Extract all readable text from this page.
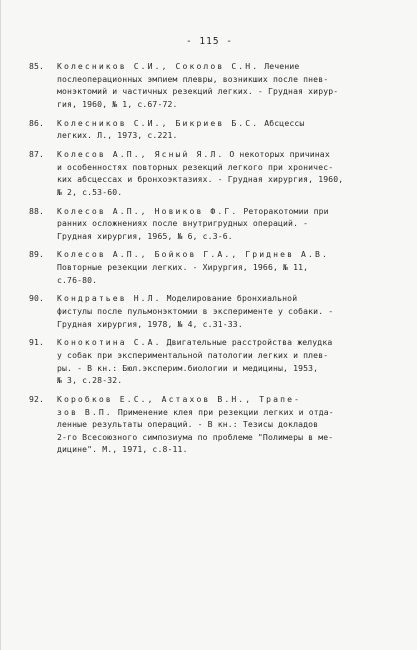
- 115 -
85. Колесников С.И., Соколов С.Н. Лечение
послеоперационных эмпием плевры, возникших после пнев-
монэктомий и частичных резекций легких. - Грудная хирур-
гия, 1960, № 1, с.67-72.
86. Колесников С.И., Бикриев Б.С. Абсцессы
легких. Л., 1973, с.221.
87. Колесов А.П., Ясный Я.Л. О некоторых причинах
и особенностях повторных резекций легкого при хроничес-
ких абсцессах и бронхоэктазиях. - Грудная хирургия, 1960,
№ 2, с.53-60.
88. Колесов А.П., Новиков Ф.Г. Реторакотомии при
ранних осложнениях после внутригрудных операций. -
Грудная хирургия, 1965, № 6, с.3-6.
89. Колесов А.П., Бойков Г.А., Гриднев А.В.
Повторные резекции легких. - Хирургия, 1966, № 11,
с.76-80.
90. Кондратьев Н.Л. Моделирование бронхиальной
фистулы после пульмонэктомии в эксперименте у собаки. -
Грудная хирургия, 1978, № 4, с.31-33.
91. Конокотина С.А. Двигательные расстройства желудка
у собак при экспериментальной патологии легких и плев-
ры. - В кн.: Бюл.эксперим.биологии и медицины, 1953,
№ 3, с.28-32.
92. Коробков Е.С., Астахов В.Н., Трапе-
зов В.П. Применение клея при резекции легких и отда-
ленные результаты операций. - В кн.: Тезисы докладов
2-го Всесоюзного симпозиума по проблеме "Полимеры в ме-
дицине". М., 1971, с.8-11.
